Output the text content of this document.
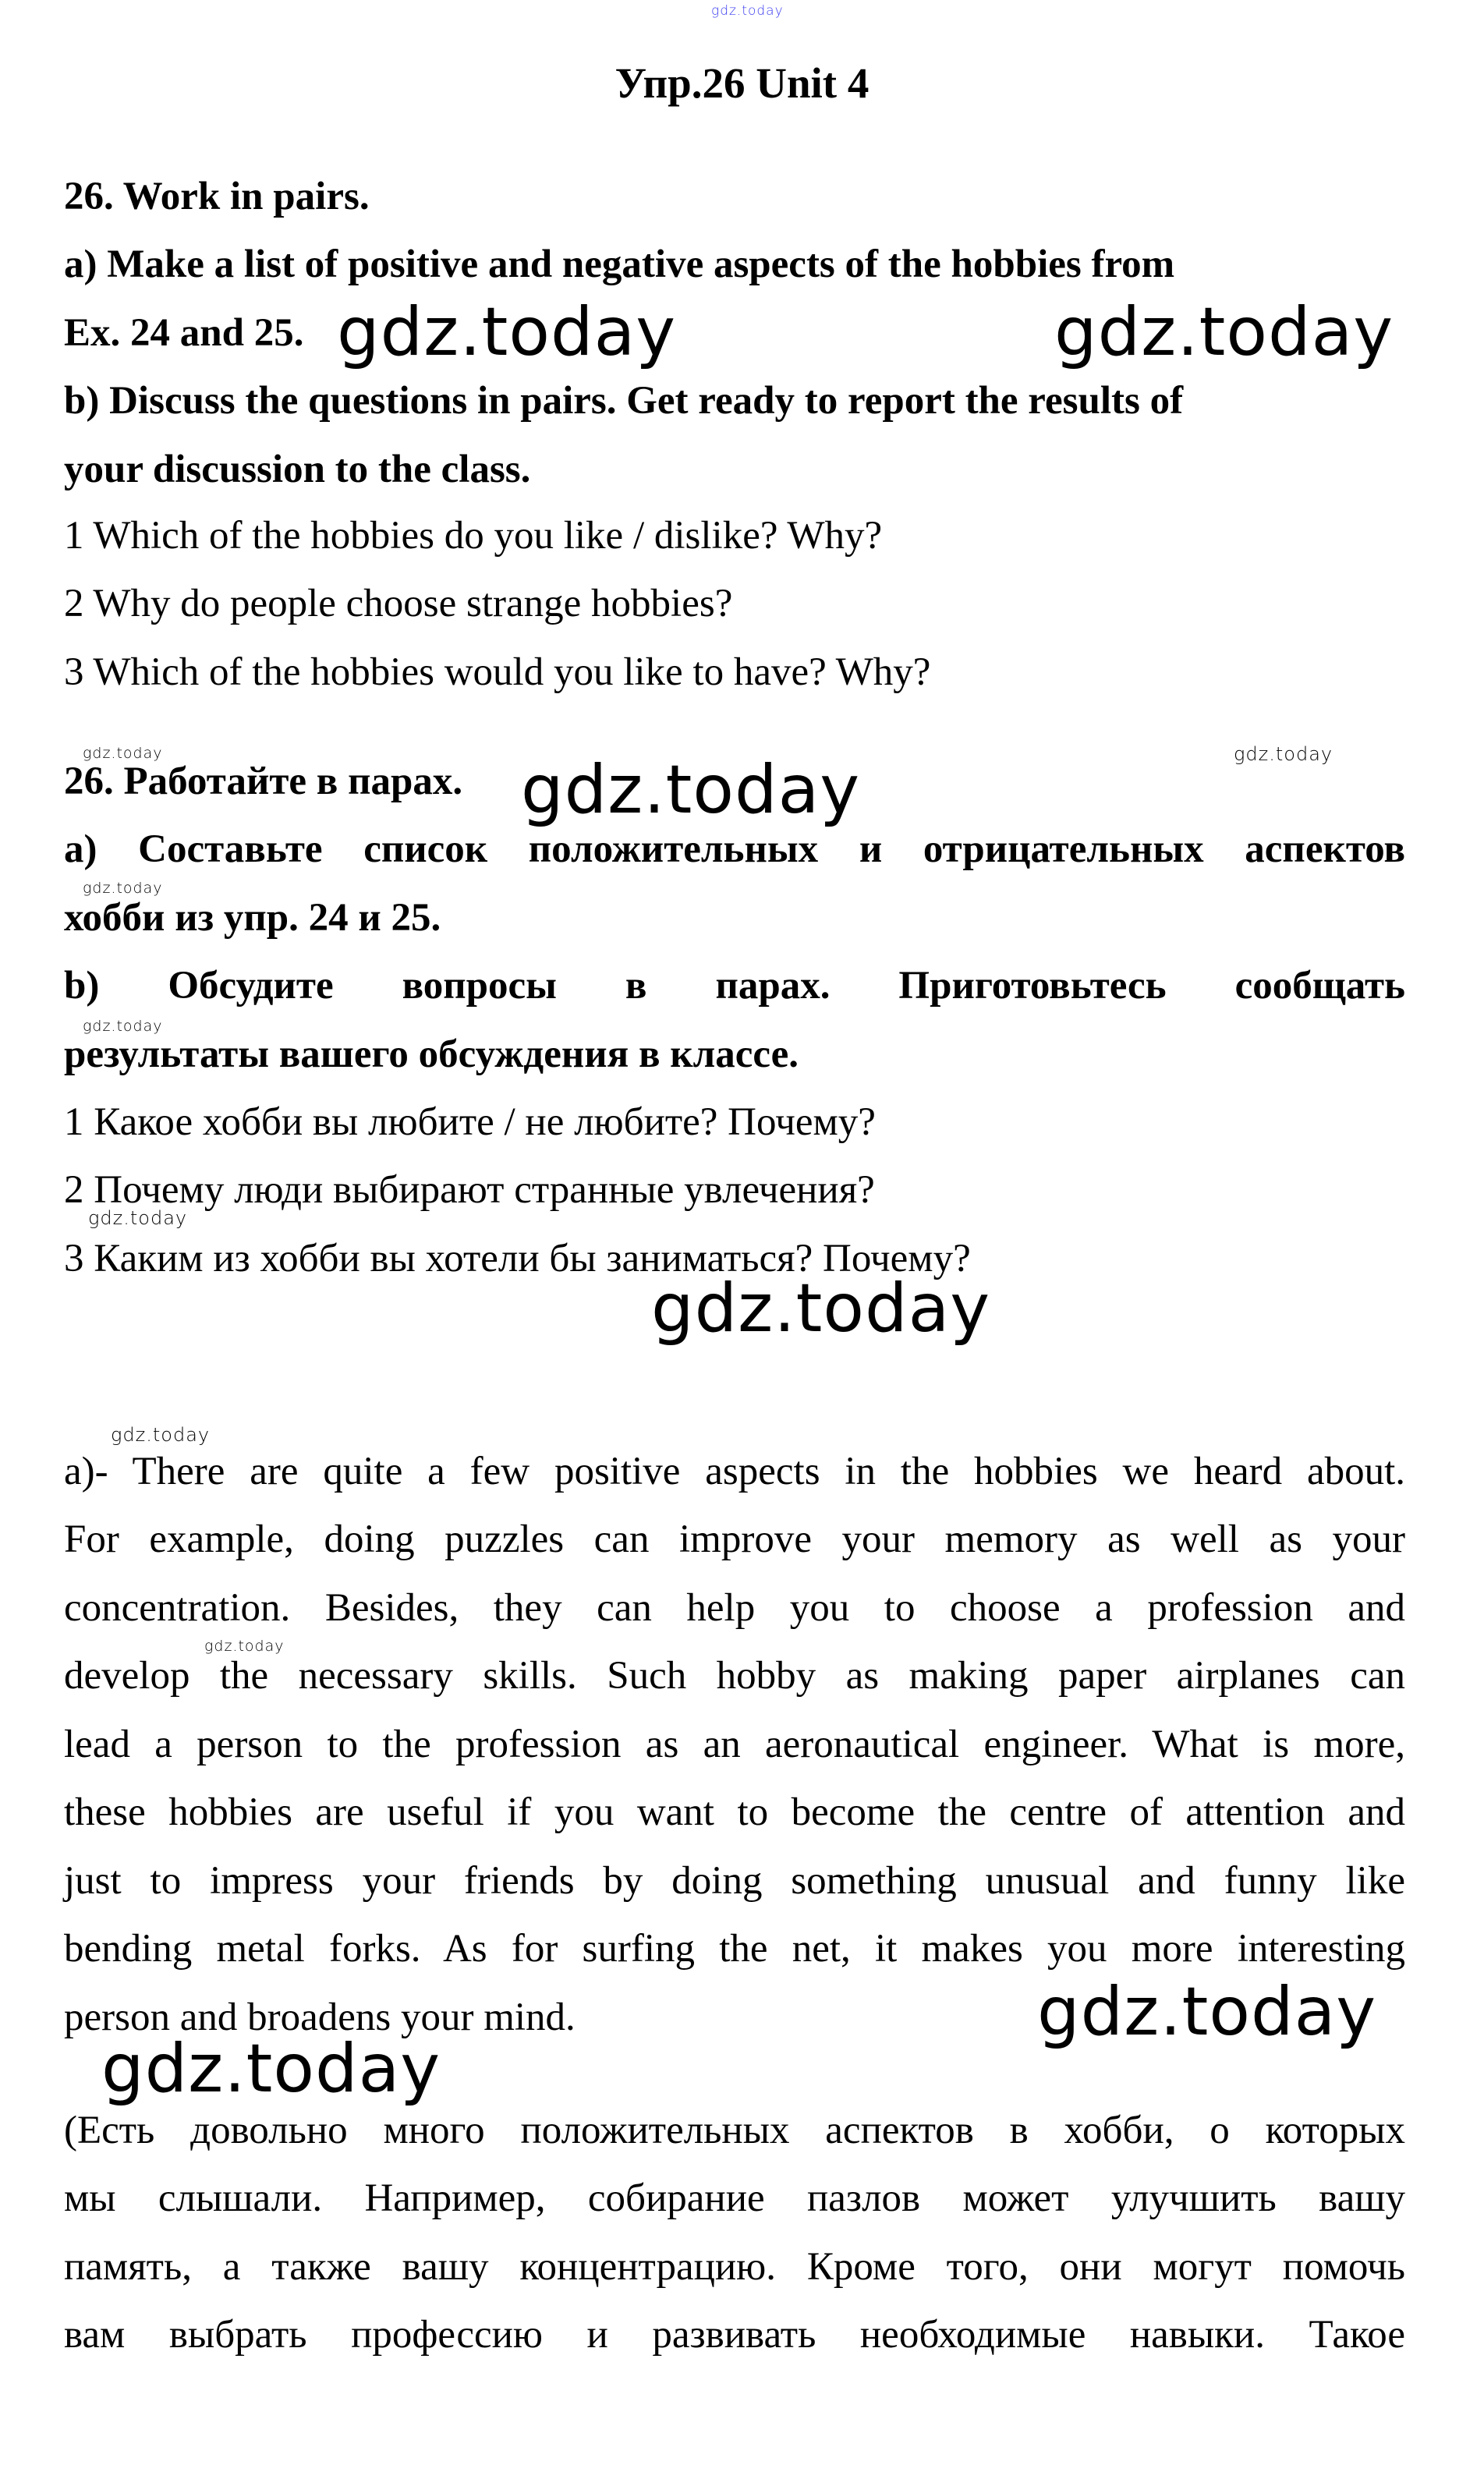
gdz.today
Упр.26 Unit 4
26. Work in pairs.
a) Make a list of positive and negative aspects of the hobbies from
Ex. 24 and 25.
b) Discuss the questions in pairs. Get ready to report the results of
your discussion to the class.
1 Which of the hobbies do you like / dislike? Why?
2 Why do people choose strange hobbies?
3 Which of the hobbies would you like to have? Why?
26. Работайте в парах.
а) Составьте список положительных и отрицательных аспектов
хобби из упр. 24 и 25.
b) Обсудите вопросы в парах. Приготовьтесь сообщать
результаты вашего обсуждения в классе.
1 Какое хобби вы любите / не любите? Почему?
2 Почему люди выбирают странные увлечения?
3 Каким из хобби вы хотели бы заниматься? Почему?
a)- There are quite a few positive aspects in the hobbies we heard about.
For example, doing puzzles can improve your memory as well as your
concentration. Besides, they can help you to choose a profession and
develop the necessary skills. Such hobby as making paper airplanes can
lead a person to the profession as an aeronautical engineer. What is more,
these hobbies are useful if you want to become the centre of attention and
just to impress your friends by doing something unusual and funny like
bending metal forks. As for surfing the net, it makes you more interesting
person and broadens your mind.
(Есть довольно много положительных аспектов в хобби, о которых
мы слышали. Например, собирание пазлов может улучшить вашу
память, а также вашу концентрацию. Кроме того, они могут помочь
вам выбрать профессию и развивать необходимые навыки. Такое
gdz.today	gdz.today
gdz.today	gdz.today
gdz.today
gdz.today
gdz.today
gdz.today
gdz.today
gdz.today
gdz.today
gdz.today
gdz.today
